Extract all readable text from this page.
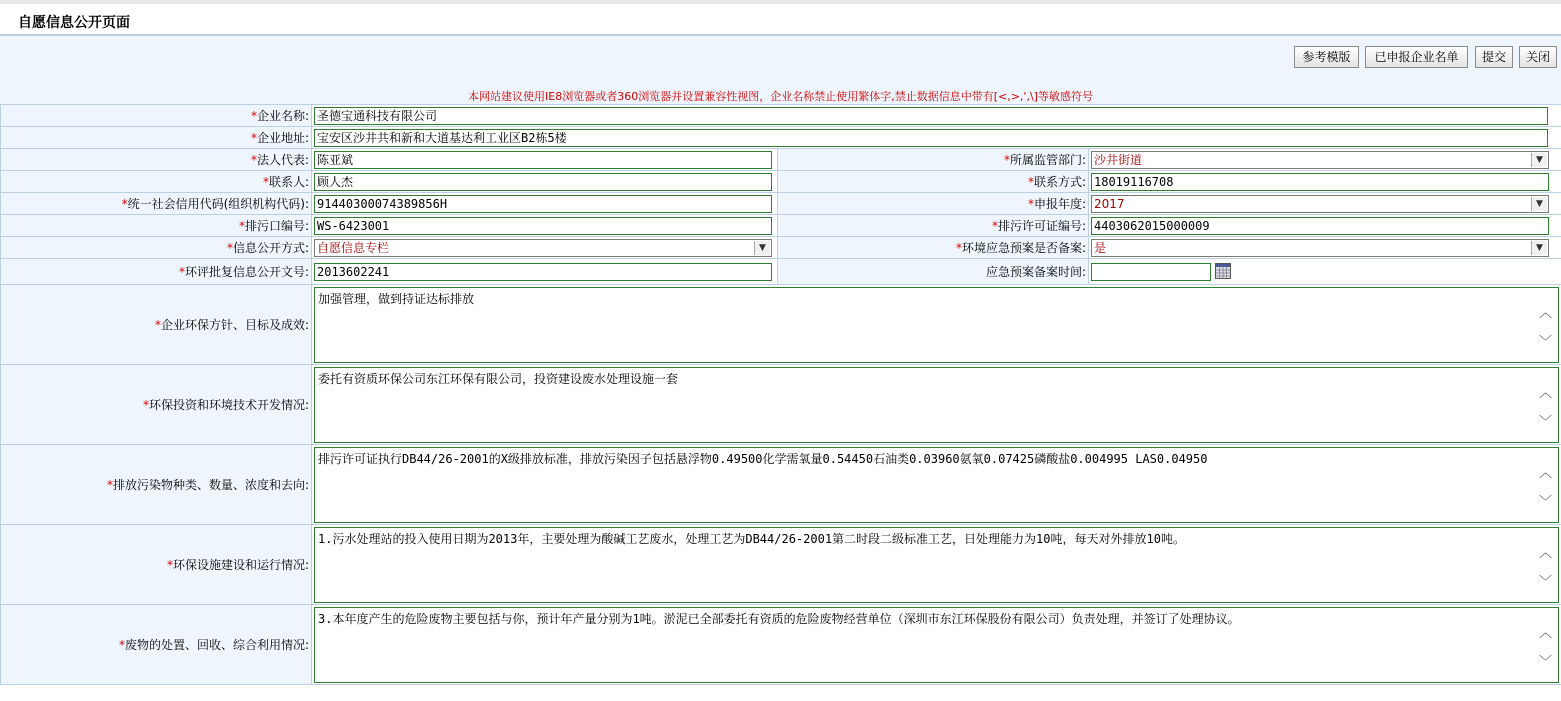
自愿信息公开页面
参考模版	已申报企业名单	提交	关闭
本网站建议使用IE8浏览器或者360浏览器并设置兼容性视图，企业名称禁止使用繁体字,禁止数据信息中带有[<,>,',\]等敏感符号
*企业名称:	圣德宝通科技有限公司		

*企业地址:	宝安区沙井共和新和大道基达利工业区B2栋5楼		

*法人代表:	陈亚斌	*所属监管部门:	沙井街道 ▼

*联系人:	顾人杰	*联系方式:	18019116708

*统一社会信用代码(组织机构代码):	91440300074389856H	*申报年度:	2017 ▼

*排污口编号:	WS-6423001	*排污许可证编号:	4403062015000009

*信息公开方式:	自愿信息专栏 ▼	*环境应急预案是否备案:	是 ▼

*环评批复信息公开文号:	2013602241	应急预案备案时间:	
*企业环保方针、目标及成效:	加强管理，做到持证达标排放
︿
﹀		

*环保投资和环境技术开发情况:	委托有资质环保公司东江环保有限公司，投资建设废水处理设施一套
︿
﹀		

*排放污染物种类、数量、浓度和去向:	排污许可证执行DB44/26-2001的X级排放标准，排放污染因子包括悬浮物0.49500化学需氧量0.54450石油类0.03960氨氧0.07425磷酸盐0.004995 LAS0.04950
︿
﹀		

*环保设施建设和运行情况:	1.污水处理站的投入使用日期为2013年，主要处理为酸碱工艺废水，处理工艺为DB44/26-2001第二时段二级标准工艺，日处理能力为10吨，每天对外排放10吨。
︿
﹀		

*废物的处置、回收、综合利用情况:	3.本年度产生的危险废物主要包括与你，预计年产量分别为1吨。淤泥已全部委托有资质的危险废物经营单位（深圳市东江环保股份有限公司）负责处理，并签订了处理协议。
︿
﹀		
